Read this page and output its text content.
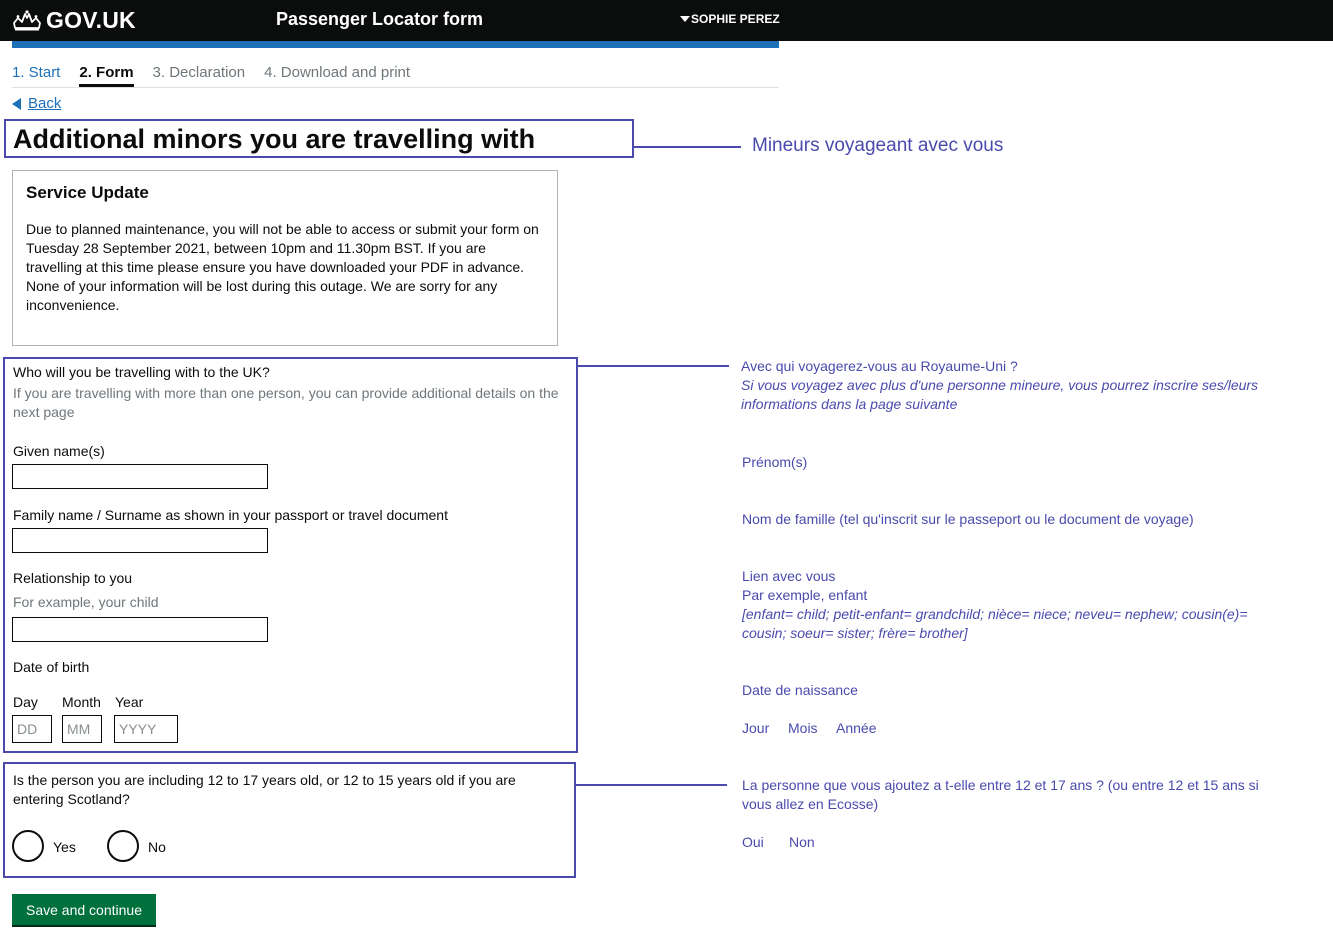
GOV.UK	Passenger Locator form	SOPHIE PEREZ
1. Start 2. Form 3. Declaration 4. Download and print
Back
Additional minors you are travelling with	Mineurs voyageant avec vous
Service Update

Due to planned maintenance, you will not be able to access or submit your form on Tuesday 28 September 2021, between 10pm and 11.30pm BST. If you are travelling at this time please ensure you have downloaded your PDF in advance. None of your information will be lost during this outage. We are sorry for any inconvenience.

Who will you be travelling with to the UK?
If you are travelling with more than one person, you can provide additional details on the next page
Given name(s)
Family name / Surname as shown in your passport or travel document
Relationship to you
For example, your child
Date of birth
Day Month Year
DD
MM
YYYY
Avec qui voyagerez-vous au Royaume-Uni ?
Si vous voyagez avec plus d'une personne mineure, vous pourrez inscrire ses/leurs informations dans la page suivante
Prénom(s)
Nom de famille (tel qu'inscrit sur le passeport ou le document de voyage)
Lien avec vous
Par exemple, enfant
[enfant= child; petit-enfant= grandchild; nièce= niece; neveu= nephew; cousin(e)= cousin; soeur= sister; frère= brother]
Date de naissance
Jour Mois Année
Is the person you are including 12 to 17 years old, or 12 to 15 years old if you are entering Scotland?
Yes	No
La personne que vous ajoutez a t-elle entre 12 et 17 ans ? (ou entre 12 et 15 ans si vous allez en Ecosse)
Oui Non
Save and continue
